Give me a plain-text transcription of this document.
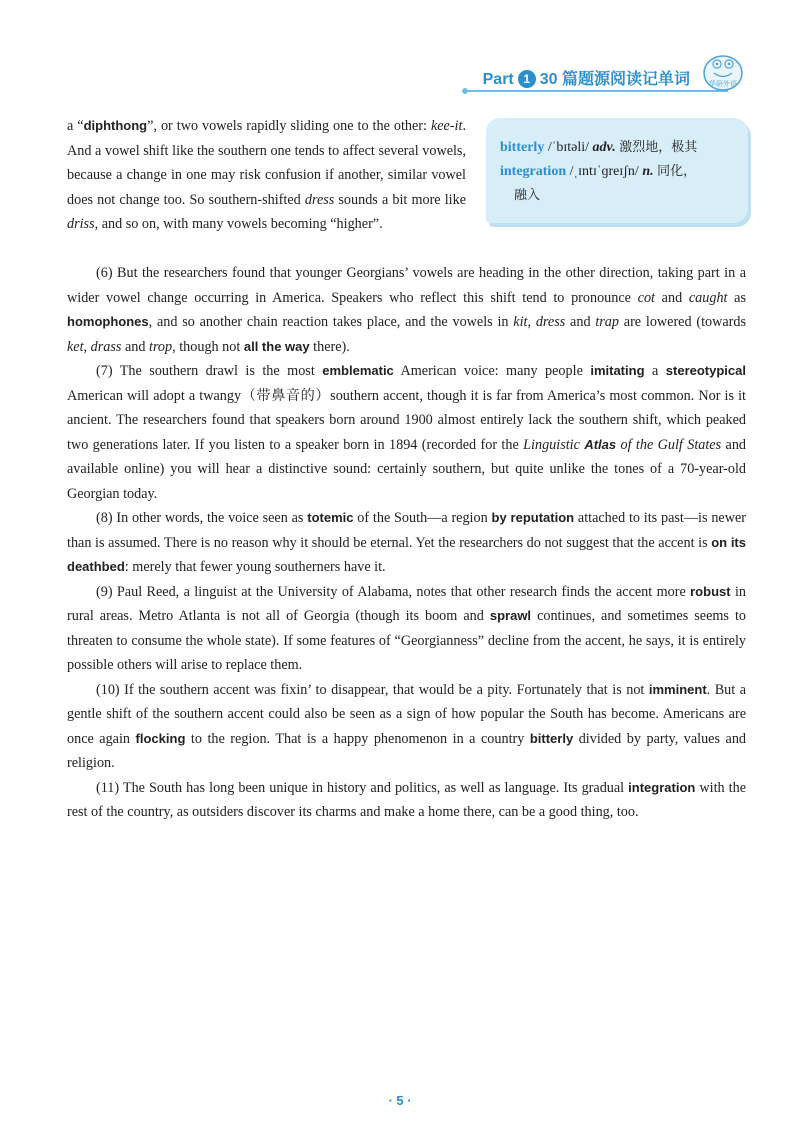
Part 1 30 篇题源阅读记单词	华研外语
bitterly /ˈbɪtəli/ adv. 激烈地，极其
integration /ˌɪntɪˈɡreɪʃn/ n. 同化，
融入
a “diphthong”, or two vowels rapidly sliding one to the other: kee-it. And a vowel shift like the southern one tends to affect several vowels, because a change in one may risk confusion if another, similar vowel does not change too. So southern-shifted dress sounds a bit more like driss, and so on, with many vowels becoming “higher”.

(6) But the researchers found that younger Georgians’ vowels are heading in the other direction, taking part in a wider vowel change occurring in America. Speakers who reflect this shift tend to pronounce cot and caught as homophones, and so another chain reaction takes place, and the vowels in kit, dress and trap are lowered (towards ket, drass and trop, though not all the way there).

(7) The southern drawl is the most emblematic American voice: many people imitating a stereotypical American will adopt a twangy（带鼻音的）southern accent, though it is far from America’s most common. Nor is it ancient. The researchers found that speakers born around 1900 almost entirely lack the southern shift, which peaked two generations later. If you listen to a speaker born in 1894 (recorded for the Linguistic Atlas of the Gulf States and available online) you will hear a distinctive sound: certainly southern, but quite unlike the tones of a 70-year-old Georgian today.

(8) In other words, the voice seen as totemic of the South—a region by reputation attached to its past—is newer than is assumed. There is no reason why it should be eternal. Yet the researchers do not suggest that the accent is on its deathbed: merely that fewer young southerners have it.

(9) Paul Reed, a linguist at the University of Alabama, notes that other research finds the accent more robust in rural areas. Metro Atlanta is not all of Georgia (though its boom and sprawl continues, and sometimes seems to threaten to consume the whole state). If some features of “Georgianness” decline from the accent, he says, it is entirely possible others will arise to replace them.

(10) If the southern accent was fixin’ to disappear, that would be a pity. Fortunately that is not imminent. But a gentle shift of the southern accent could also be seen as a sign of how popular the South has become. Americans are once again flocking to the region. That is a happy phenomenon in a country bitterly divided by party, values and religion.

(11) The South has long been unique in history and politics, as well as language. Its gradual integration with the rest of the country, as outsiders discover its charms and make a home there, can be a good thing, too.

· 5 ·
